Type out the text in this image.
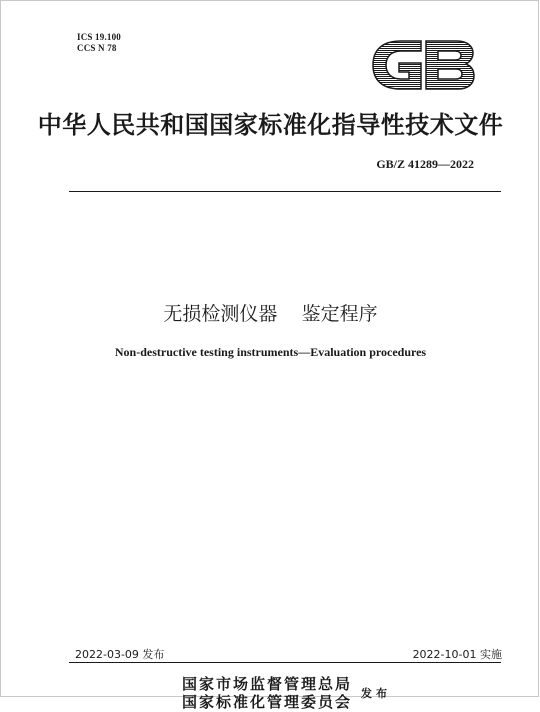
ICS 19.100
CCS N 78
中华人民共和国国家标准化指导性技术文件
GB/Z 41289—2022
无损检测仪器    鉴定程序
Non-destructive testing instruments—Evaluation procedures
2022-03-09 发布	2022-10-01 实施
国家市场监督管理总局
国家标准化管理委员会 发布
